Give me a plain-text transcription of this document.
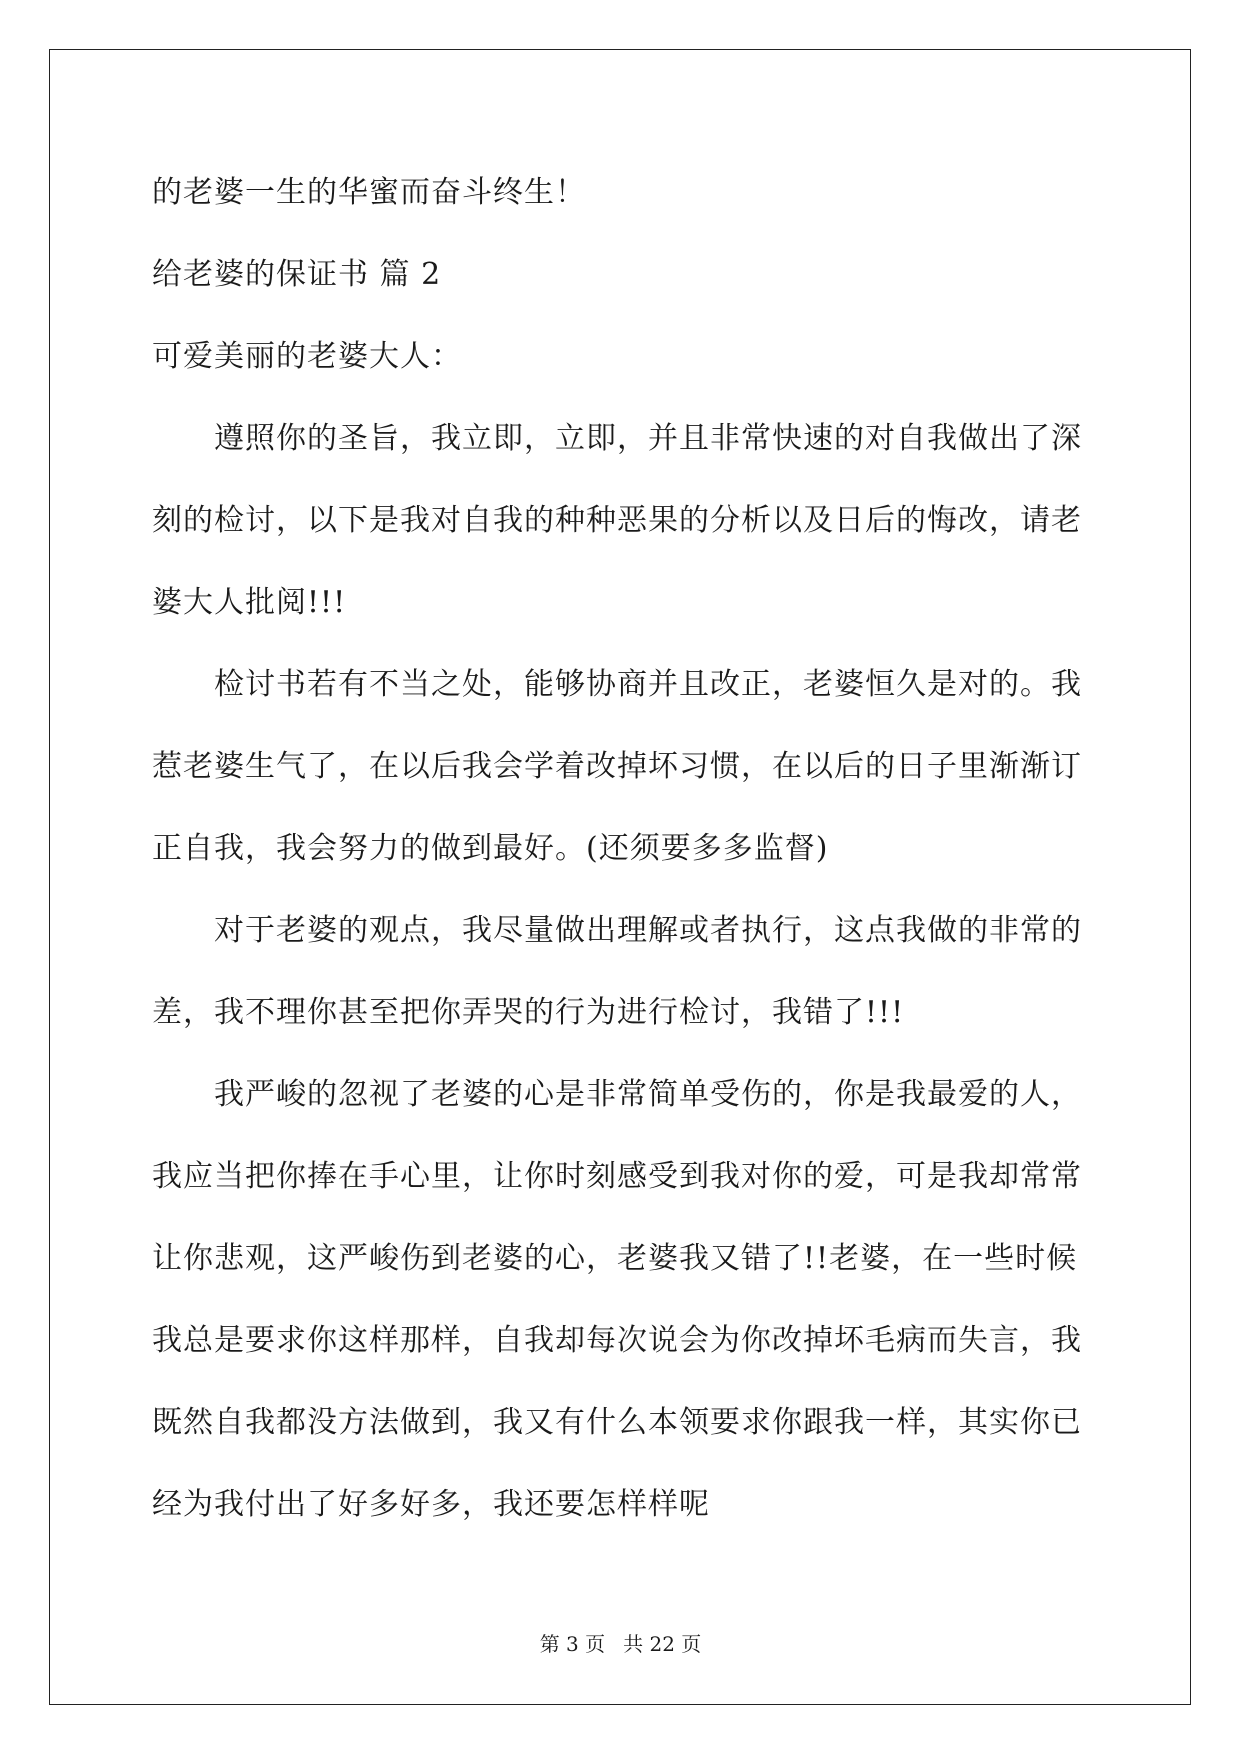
的老婆一生的华蜜而奋斗终生！
给老婆的保证书 篇 2
可爱美丽的老婆大人：
遵照你的圣旨，我立即，立即，并且非常快速的对自我做出了深
刻的检讨，以下是我对自我的种种恶果的分析以及日后的悔改，请老
婆大人批阅!!!
检讨书若有不当之处，能够协商并且改正，老婆恒久是对的。我
惹老婆生气了，在以后我会学着改掉坏习惯，在以后的日子里渐渐订
正自我，我会努力的做到最好。(还须要多多监督)
对于老婆的观点，我尽量做出理解或者执行，这点我做的非常的
差，我不理你甚至把你弄哭的行为进行检讨，我错了!!!
我严峻的忽视了老婆的心是非常简单受伤的，你是我最爱的人，
我应当把你捧在手心里，让你时刻感受到我对你的爱，可是我却常常
让你悲观，这严峻伤到老婆的心，老婆我又错了!!老婆，在一些时候
我总是要求你这样那样，自我却每次说会为你改掉坏毛病而失言，我
既然自我都没方法做到，我又有什么本领要求你跟我一样，其实你已
经为我付出了好多好多，我还要怎样样呢
第 3 页 共 22 页
